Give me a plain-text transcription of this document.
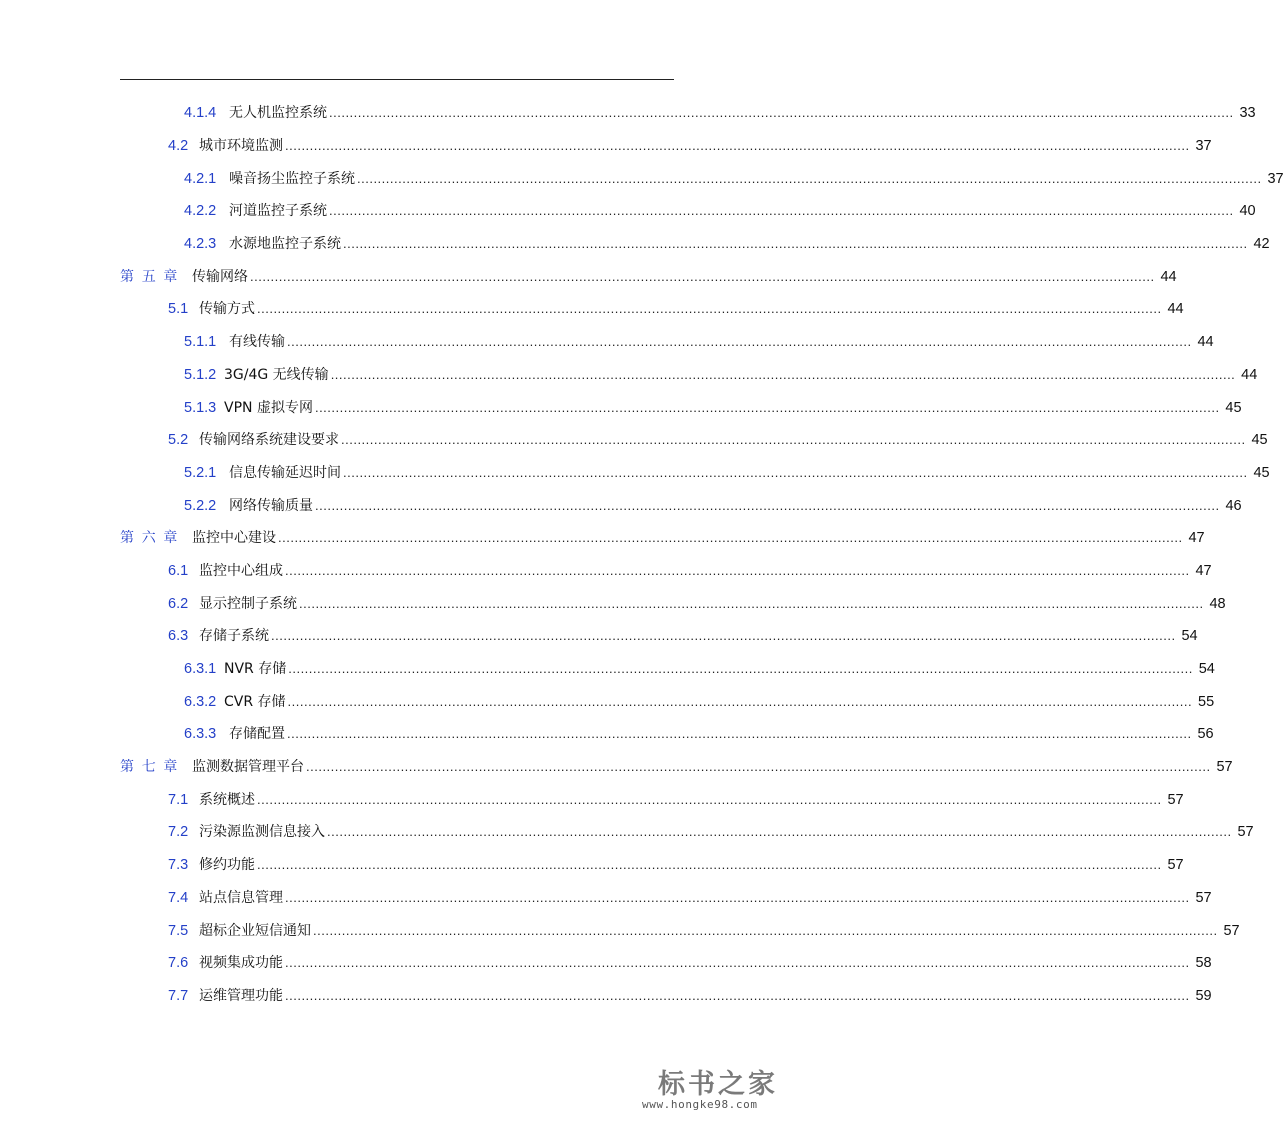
4.1.4 无人机监控系统 ............................................................................................................................................................................................................................ 33
4.2 城市环境监测 ............................................................................................................................................................................................................................ 37
4.2.1 噪音扬尘监控子系统 ............................................................................................................................................................................................................................ 37
4.2.2 河道监控子系统 ............................................................................................................................................................................................................................ 40
4.2.3 水源地监控子系统 ............................................................................................................................................................................................................................ 42
第五章 传输网络 ............................................................................................................................................................................................................................ 44
5.1 传输方式 ............................................................................................................................................................................................................................ 44
5.1.1 有线传输 ............................................................................................................................................................................................................................ 44
5.1.2 3G/4G 无线传输 ............................................................................................................................................................................................................................ 44
5.1.3 VPN 虚拟专网 ............................................................................................................................................................................................................................ 45
5.2 传输网络系统建设要求 ............................................................................................................................................................................................................................ 45
5.2.1 信息传输延迟时间 ............................................................................................................................................................................................................................ 45
5.2.2 网络传输质量 ............................................................................................................................................................................................................................ 46
第六章 监控中心建设 ............................................................................................................................................................................................................................ 47
6.1 监控中心组成 ............................................................................................................................................................................................................................ 47
6.2 显示控制子系统 ............................................................................................................................................................................................................................ 48
6.3 存储子系统 ............................................................................................................................................................................................................................ 54
6.3.1 NVR 存储 ............................................................................................................................................................................................................................ 54
6.3.2 CVR 存储 ............................................................................................................................................................................................................................ 55
6.3.3 存储配置 ............................................................................................................................................................................................................................ 56
第七章 监测数据管理平台 ............................................................................................................................................................................................................................ 57
7.1 系统概述 ............................................................................................................................................................................................................................ 57
7.2 污染源监测信息接入 ............................................................................................................................................................................................................................ 57
7.3 修约功能 ............................................................................................................................................................................................................................ 57
7.4 站点信息管理 ............................................................................................................................................................................................................................ 57
7.5 超标企业短信通知 ............................................................................................................................................................................................................................ 57
7.6 视频集成功能 ............................................................................................................................................................................................................................ 58
7.7 运维管理功能 ............................................................................................................................................................................................................................ 59
标书之家
www.hongke98.com
